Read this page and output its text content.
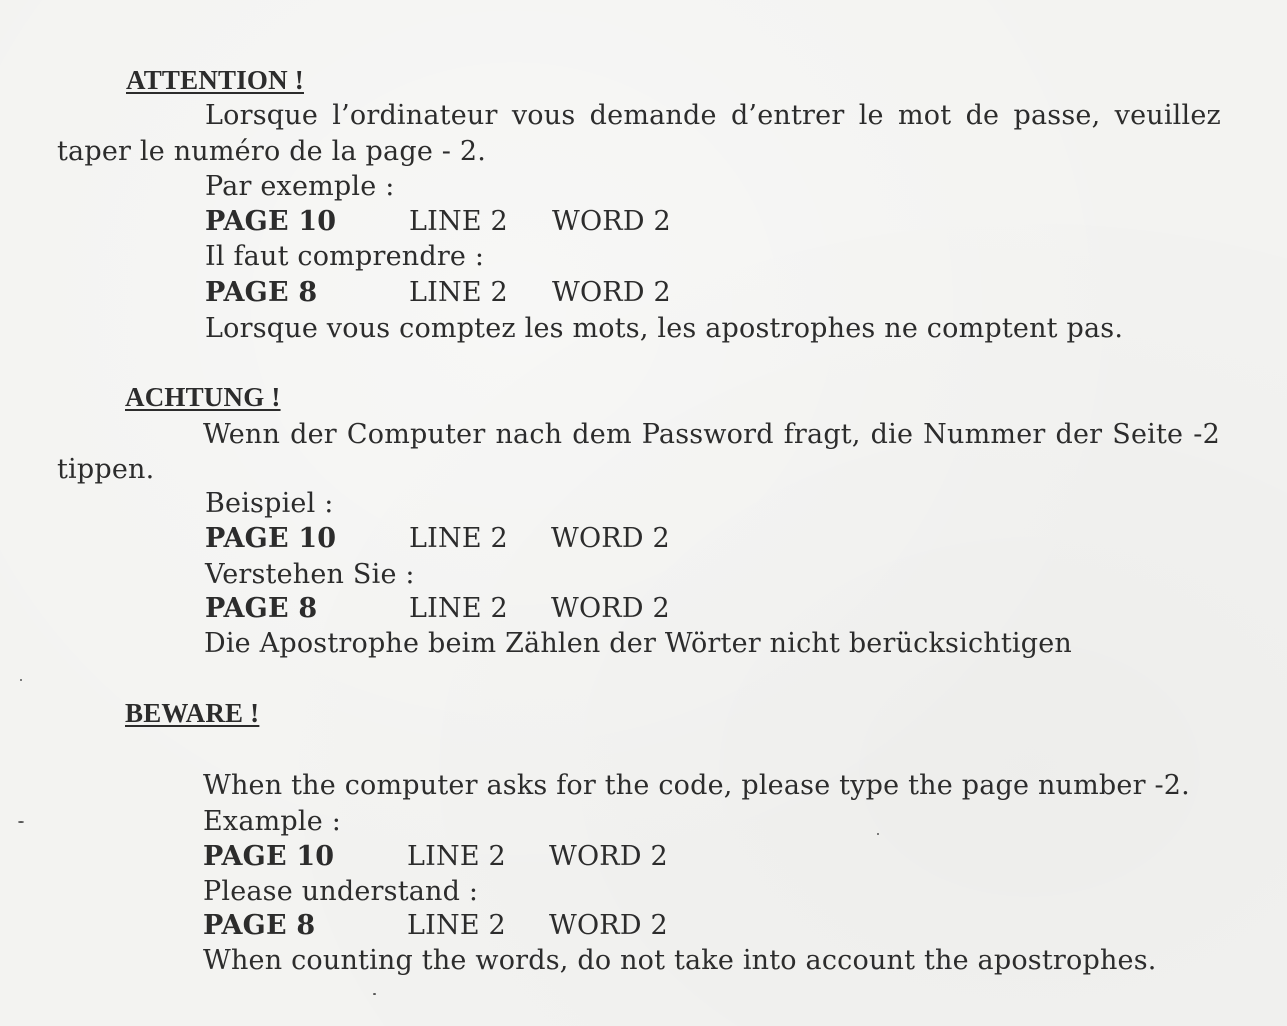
ATTENTION !
Lorsque l’ordinateur vous demande d’entrer le mot de passe, veuillez
taper le numéro de la page - 2.
Par exemple :
PAGE 10	LINE 2 WORD 2
Il faut comprendre :
PAGE 8	LINE 2 WORD 2
Lorsque vous comptez les mots, les apostrophes ne comptent pas.
ACHTUNG !
Wenn der Computer nach dem Password fragt, die Nummer der Seite -2
tippen.
Beispiel :
PAGE 10	LINE 2 WORD 2
Verstehen Sie :
PAGE 8	LINE 2 WORD 2
Die Apostrophe beim Zählen der Wörter nicht berücksichtigen
BEWARE !
When the computer asks for the code, please type the page number -2.
Example :
PAGE 10	LINE 2 WORD 2
Please understand :
PAGE 8	LINE 2 WORD 2
When counting the words, do not take into account the apostrophes.
